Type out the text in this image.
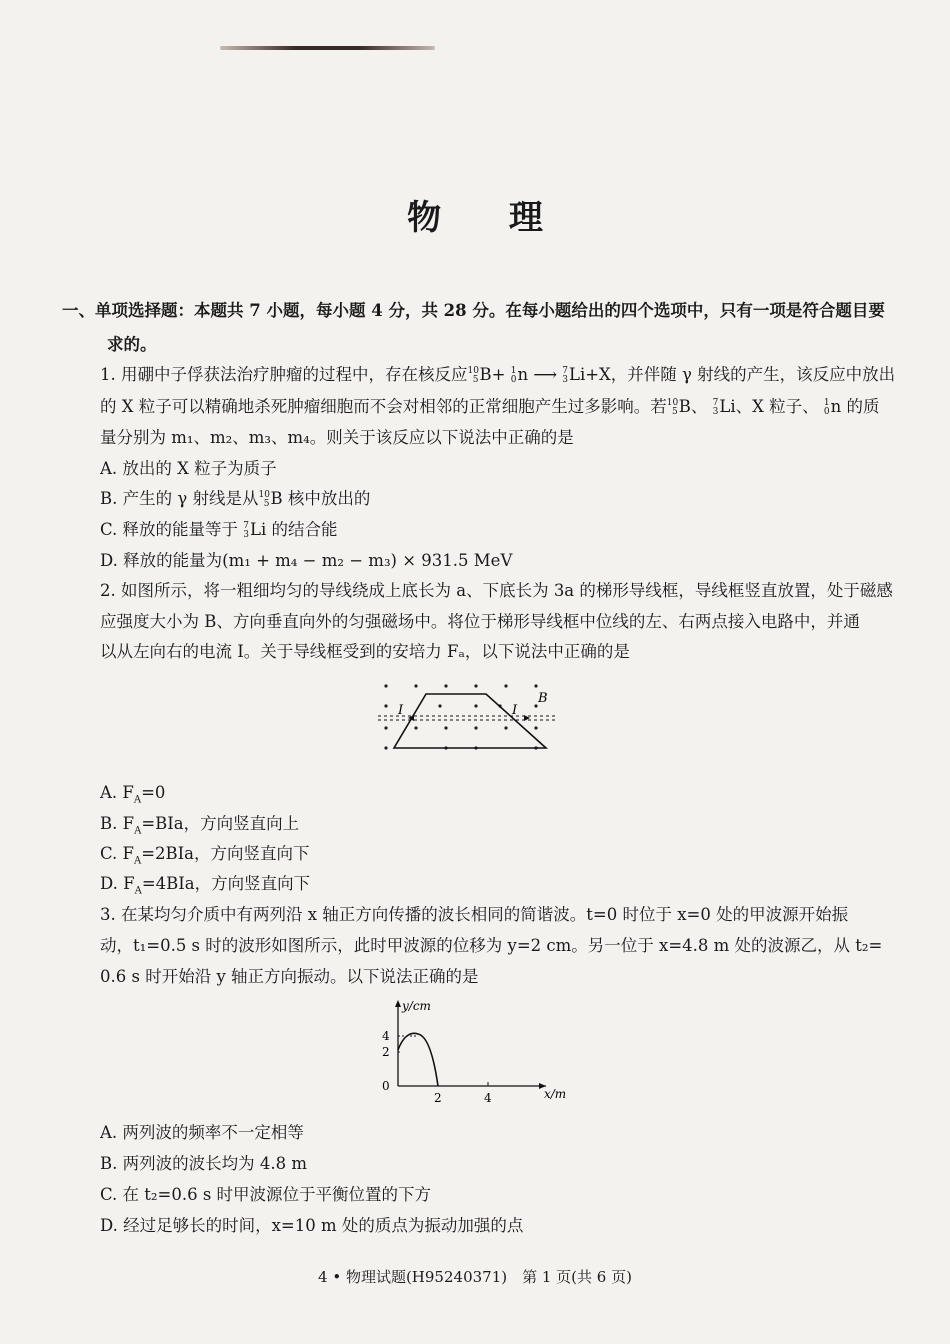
物 理
一、单项选择题：本题共 7 小题，每小题 4 分，共 28 分。在每小题给出的四个选项中，只有一项是符合题目要
求的。
1. 用硼中子俘获法治疗肿瘤的过程中，存在核反应 10
5 B+ 1
0 n ⟶ 7
3 Li+X，并伴随 γ 射线的产生，该反应中放出
的 X 粒子可以精确地杀死肿瘤细胞而不会对相邻的正常细胞产生过多影响。若 10
5 B、 7
3 Li、X 粒子、 1
0 n 的质
量分别为 m₁、m₂、m₃、m₄。则关于该反应以下说法中正确的是
A. 放出的 X 粒子为质子
B. 产生的 γ 射线是从 10
5 B 核中放出的
C. 释放的能量等于 7
3 Li 的结合能
D. 释放的能量为(m₁ + m₄ − m₂ − m₃) × 931.5 MeV
2. 如图所示，将一粗细均匀的导线绕成上底长为 a、下底长为 3a 的梯形导线框，导线框竖直放置，处于磁感
应强度大小为 B、方向垂直向外的匀强磁场中。将位于梯形导线框中位线的左、右两点接入电路中，并通
以从左向右的电流 I。关于导线框受到的安培力 Fₐ，以下说法中正确的是
I	I
B
A. $F_A=0$
B. $F_A=BIa$，方向竖直向上
C. $F_A=2BIa$，方向竖直向下
D. $F_A=4BIa$，方向竖直向下
3. 在某均匀介质中有两列沿 x 轴正方向传播的波长相同的简谐波。t=0 时位于 x=0 处的甲波源开始振
动，t₁=0.5 s 时的波形如图所示，此时甲波源的位移为 y=2 cm。另一位于 x=4.8 m 处的波源乙，从 t₂=
0.6 s 时开始沿 y 轴正方向振动。以下说法正确的是
y/cm
x/m
4
2
0
2	4
A. 两列波的频率不一定相等
B. 两列波的波长均为 4.8 m
C. 在 t₂=0.6 s 时甲波源位于平衡位置的下方
D. 经过足够长的时间，x=10 m 处的质点为振动加强的点
4 • 物理试题(H95240371)　第 1 页(共 6 页)
